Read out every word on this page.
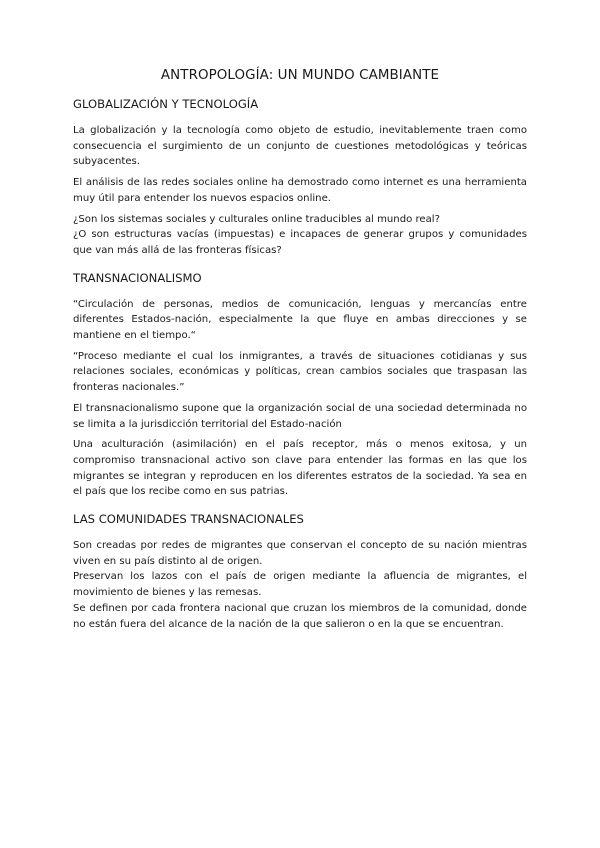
ANTROPOLOGÍA: UN MUNDO CAMBIANTE
GLOBALIZACIÓN Y TECNOLOGÍA

La globalización y la tecnología como objeto de estudio, inevitablemente traen como consecuencia el surgimiento de un conjunto de cuestiones metodológicas y teóricas subyacentes.

El análisis de las redes sociales online ha demostrado como internet es una herramienta muy útil para entender los nuevos espacios online.

¿Son los sistemas sociales y culturales online traducibles al mundo real?

¿O son estructuras vacías (impuestas) e incapaces de generar grupos y comunidades que van más allá de las fronteras físicas?

TRANSNACIONALISMO

“Circulación de personas, medios de comunicación, lenguas y mercancías entre diferentes Estados-nación, especialmente la que fluye en ambas direcciones y se mantiene en el tiempo.“

“Proceso mediante el cual los inmigrantes, a través de situaciones cotidianas y sus relaciones sociales, económicas y políticas, crean cambios sociales que traspasan las fronteras nacionales.”

El transnacionalismo supone que la organización social de una sociedad determinada no se limita a la jurisdicción territorial del Estado-nación

Una aculturación (asimilación) en el país receptor, más o menos exitosa, y un compromiso transnacional activo son clave para entender las formas en las que los migrantes se integran y reproducen en los diferentes estratos de la sociedad. Ya sea en el país que los recibe como en sus patrias.

LAS COMUNIDADES TRANSNACIONALES

Son creadas por redes de migrantes que conservan el concepto de su nación mientras viven en su país distinto al de origen.

Preservan los lazos con el país de origen mediante la afluencia de migrantes, el movimiento de bienes y las remesas.

Se definen por cada frontera nacional que cruzan los miembros de la comunidad, donde no están fuera del alcance de la nación de la que salieron o en la que se encuentran.
